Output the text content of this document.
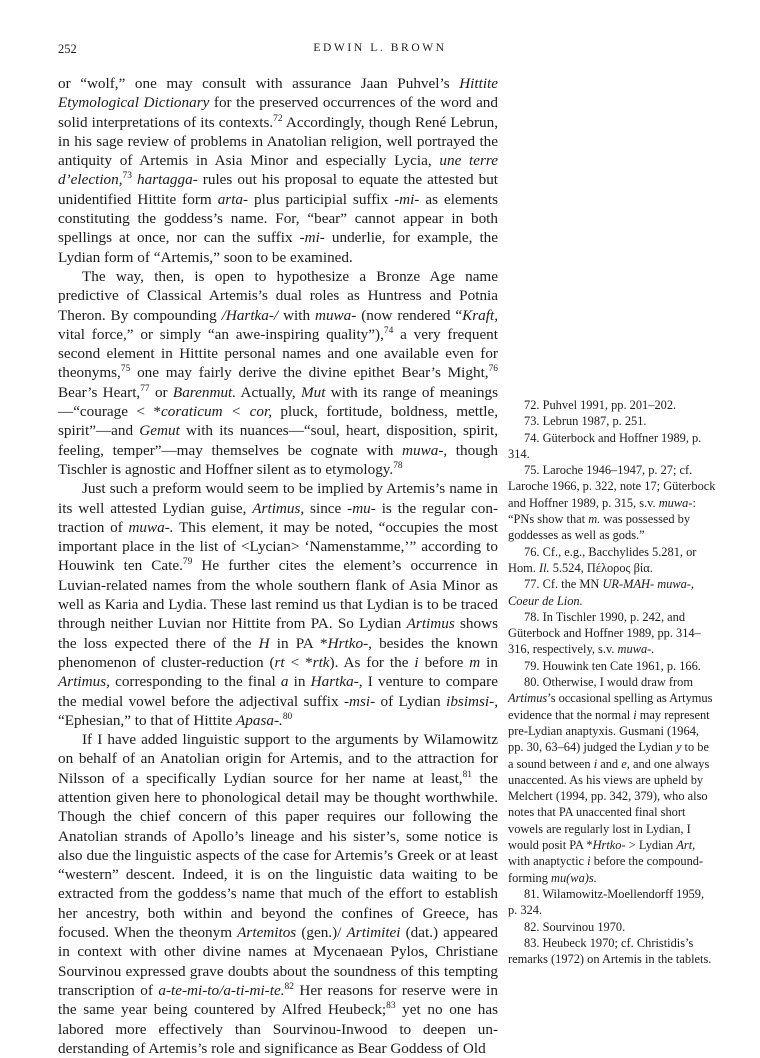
252	EDWIN L. BROWN

or “wolf,” one may consult with assurance Jaan Puhvel’s Hittite Etymological Dictionary for the preserved occurrences of the word and solid interpretations of its contexts.$^{72}$ Accordingly, though René Lebrun, in his sage review of problems in Anatolian religion, well portrayed the antiquity of Artemis in Asia Minor and especially Lycia, une terre d’election,$^{73}$ hartagga- rules out his proposal to equate the attested but unidentified Hittite form arta- plus participial suffix -mi- as elements constituting the goddess’s name. For, “bear” cannot appear in both spellings at once, nor can the suffix -mi- underlie, for example, the Lydian form of “Artemis,” soon to be examined.

The way, then, is open to hypothesize a Bronze Age name predictive of Classical Artemis’s dual roles as Huntress and Potnia Theron. By compounding /Hartka-/ with muwa- (now rendered “Kraft, vital force,” or simply “an awe-inspiring quality”),$^{74}$ a very frequent second element in Hittite personal names and one available even for theonyms,$^{75}$ one may fairly derive the divine epithet Bear’s Might,$^{76}$ Bear’s Heart,$^{77}$ or Barenmut. Actually, Mut with its range of meanings—“courage < *coraticum < cor, pluck, fortitude, boldness, mettle, spirit”—and Gemut with its nuances—“soul, heart, disposition, spirit, feeling, temper”—may themselves be cognate with muwa-, though Tischler is agnostic and Hoffner silent as to etymology.$^{78}$

Just such a preform would seem to be implied by Artemis’s name in its well attested Lydian guise, Artimus, since -mu- is the regular contraction of muwa-. This element, it may be noted, “occupies the most important place in the list of <Lycian> ‘Namenstamme,’” according to Houwink ten Cate.$^{79}$ He further cites the element’s occurrence in Luvian-related names from the whole southern flank of Asia Minor as well as Karia and Lydia. These last remind us that Lydian is to be traced through neither Luvian nor Hittite from PA. So Lydian Artimus shows the loss expected there of the H in PA *Hrtko-, besides the known phenomenon of cluster-reduction (rt < *rtk). As for the i before m in Artimus, corresponding to the final a in Hartka-, I venture to compare the medial vowel before the adjectival suffix -msi- of Lydian ibsimsi-, “Ephesian,” to that of Hittite Apasa-.$^{80}$

If I have added linguistic support to the arguments by Wilamowitz on behalf of an Anatolian origin for Artemis, and to the attraction for Nilsson of a specifically Lydian source for her name at least,$^{81}$ the attention given here to phonological detail may be thought worthwhile. Though the chief concern of this paper requires our following the Anatolian strands of Apollo’s lineage and his sister’s, some notice is also due the linguistic aspects of the case for Artemis’s Greek or at least “western” descent. Indeed, it is on the linguistic data waiting to be extracted from the goddess’s name that much of the effort to establish her ancestry, both within and beyond the confines of Greece, has focused. When the theonym Artemitos (gen.)/ Artimitei (dat.) appeared in context with other divine names at Mycenaean Pylos, Christiane Sourvinou expressed grave doubts about the soundness of this tempting transcription of a-te-mi-to/a-ti-mi-te.$^{82}$ Her reasons for reserve were in the same year being countered by Alfred Heubeck;$^{83}$ yet no one has labored more effectively than Sourvinou-Inwood to deepen understanding of Artemis’s role and significance as Bear Goddess of Old

72. Puhvel 1991, pp. 201–202.

73. Lebrun 1987, p. 251.

74. Güterbock and Hoffner 1989, p. 314.

75. Laroche 1946–1947, p. 27; cf. Laroche 1966, p. 322, note 17; Güterbock and Hoffner 1989, p. 315, s.v. muwa-: “PNs show that m. was possessed by goddesses as well as gods.”

76. Cf., e.g., Bacchylides 5.281, or Hom. Il. 5.524, Πέλορος βία.

77. Cf. the MN UR-MAH- muwa-, Coeur de Lion.

78. In Tischler 1990, p. 242, and Güterbock and Hoffner 1989, pp. 314–316, respectively, s.v. muwa-.

79. Houwink ten Cate 1961, p. 166.

80. Otherwise, I would draw from Artimus’s occasional spelling as Artymus evidence that the normal i may represent pre-Lydian anaptyxis. Gusmani (1964, pp. 30, 63–64) judged the Lydian y to be a sound between i and e, and one always unaccented. As his views are upheld by Melchert (1994, pp. 342, 379), who also notes that PA unaccented final short vowels are regularly lost in Lydian, I would posit PA *Hrtko- > Lydian Art, with anaptyctic i before the compound-forming mu(wa)s.

81. Wilamowitz-Moellendorff 1959, p. 324.

82. Sourvinou 1970.

83. Heubeck 1970; cf. Christidis’s remarks (1972) on Artemis in the tablets.
